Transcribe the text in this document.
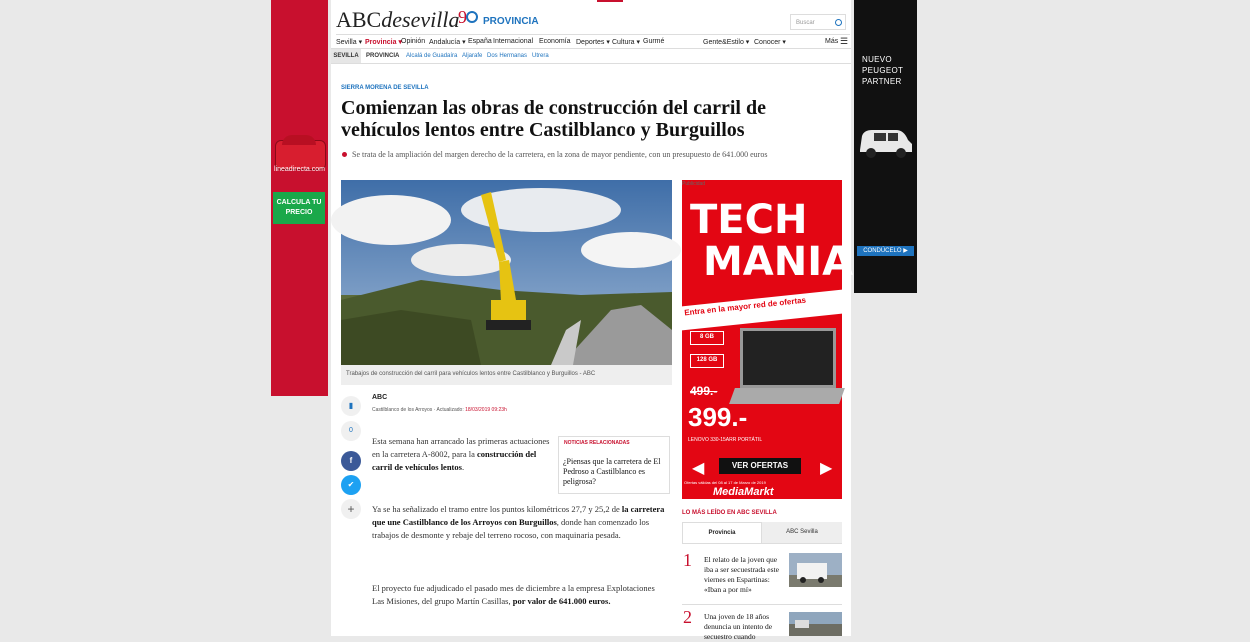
lineadirecta.com
CALCULA TU PRECIO
NUEVO
PEUGEOT
PARTNER
CONDÚCELO ▶
ABCdesevilla
9 PROVINCIA	Buscar
Sevilla ▾ Provincia ▾ Opinión Andalucía ▾ España Internacional Economía Deportes ▾ Cultura ▾ Gurmé	Gente&Estilo ▾ Conocer ▾	Más ☰
SEVILLA	PROVINCIA Alcalá de Guadaíra Aljarafe Dos Hermanas Utrera
SIERRA MORENA DE SEVILLA
Comienzan las obras de construcción del carril de vehículos lentos entre Castilblanco y Burguillos
Se trata de la ampliación del margen derecho de la carretera, en la zona de mayor pendiente, con un presupuesto de 641.000 euros
Trabajos de construcción del carril para vehículos lentos entre Castilblanco y Burguillos - ABC
Publicidad
TECH
MANIA
Entra en la mayor red de ofertas
8 GB
128 GB
499.-
399.-
LENOVO 330-15ARR PORTÁTIL
◀	VER OFERTAS	▶
Ofertas válidas del 08 al 17 de Marzo de 2019
MediaMarkt
▮
0
f
✔
+
ABC
Castilblanco de los Arroyos · Actualizado: 18/03/2019 09:23h

Esta semana han arrancado las primeras actuaciones en la carretera A-8002, para la construcción del carril de vehículos lentos.

Ya se ha señalizado el tramo entre los puntos kilométricos 27,7 y 25,2 de la carretera que une Castilblanco de los Arroyos con Burguillos, donde han comenzado los trabajos de desmonte y rebaje del terreno rocoso, con maquinaria pesada.

El proyecto fue adjudicado el pasado mes de diciembre a la empresa Explotaciones Las Misiones, del grupo Martín Casillas, por valor de 641.000 euros.

NOTICIAS RELACIONADAS
¿Piensas que la carretera de El Pedroso a Castilblanco es peligrosa?
LO MÁS LEÍDO EN ABC SEVILLA
Provincia	ABC Sevilla
1 El relato de la joven que iba a ser secuestrada este viernes en Espartinas: «Iban a por mí»
2 Una joven de 18 años denuncia un intento de secuestro cuando
